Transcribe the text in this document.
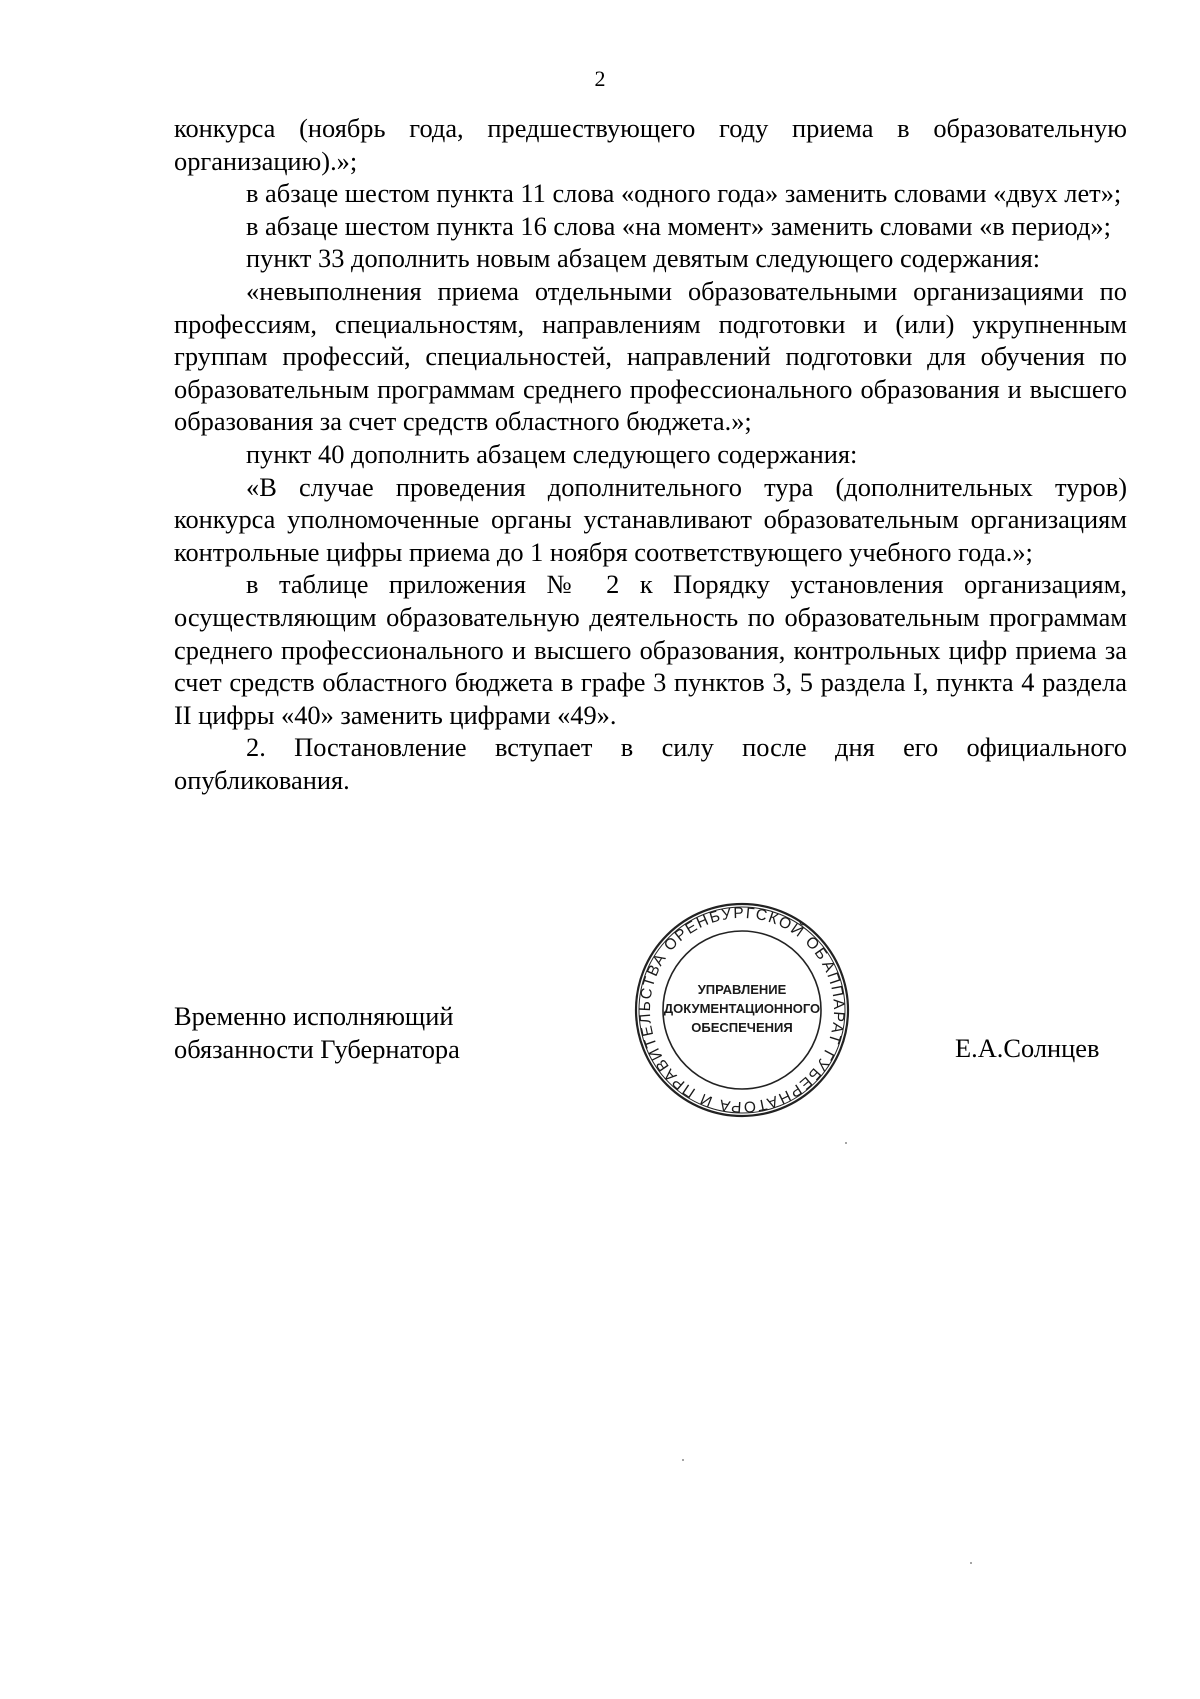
2

конкурса (ноябрь года, предшествующего году приема в образовательную организацию).»;

в абзаце шестом пункта 11 слова «одного года» заменить словами «двух лет»;

в абзаце шестом пункта 16 слова «на момент» заменить словами «в период»;

пункт 33 дополнить новым абзацем девятым следующего содержания:

«невыполнения приема отдельными образовательными организациями по профессиям, специальностям, направлениям подготовки и (или) укрупненным группам профессий, специальностей, направлений подготовки для обучения по образовательным программам среднего профессионального образования и высшего образования за счет средств областного бюджета.»;

пункт 40 дополнить абзацем следующего содержания:

«В случае проведения дополнительного тура (дополнительных туров) конкурса уполномоченные органы устанавливают образовательным организациям контрольные цифры приема до 1 ноября соответствующего учебного года.»;

в таблице приложения № 2 к Порядку установления организациям, осуществляющим образовательную деятельность по образовательным программам среднего профессионального и высшего образования, контрольных цифр приема за счет средств областного бюджета в графе 3 пунктов 3, 5 раздела I, пункта 4 раздела II цифры «40» заменить цифрами «49».

2. Постановление вступает в силу после дня его официального опубликования.

Временно исполняющий
обязанности Губернатора	Е.А.Солнцев
АППАРАТ ГУБЕРНАТОРА И ПРАВИТЕЛЬСТВА ОРЕНБУРГСКОЙ ОБЛАСТИ
УПРАВЛЕНИЕ
ДОКУМЕНТАЦИОННОГО
ОБЕСПЕЧЕНИЯ
